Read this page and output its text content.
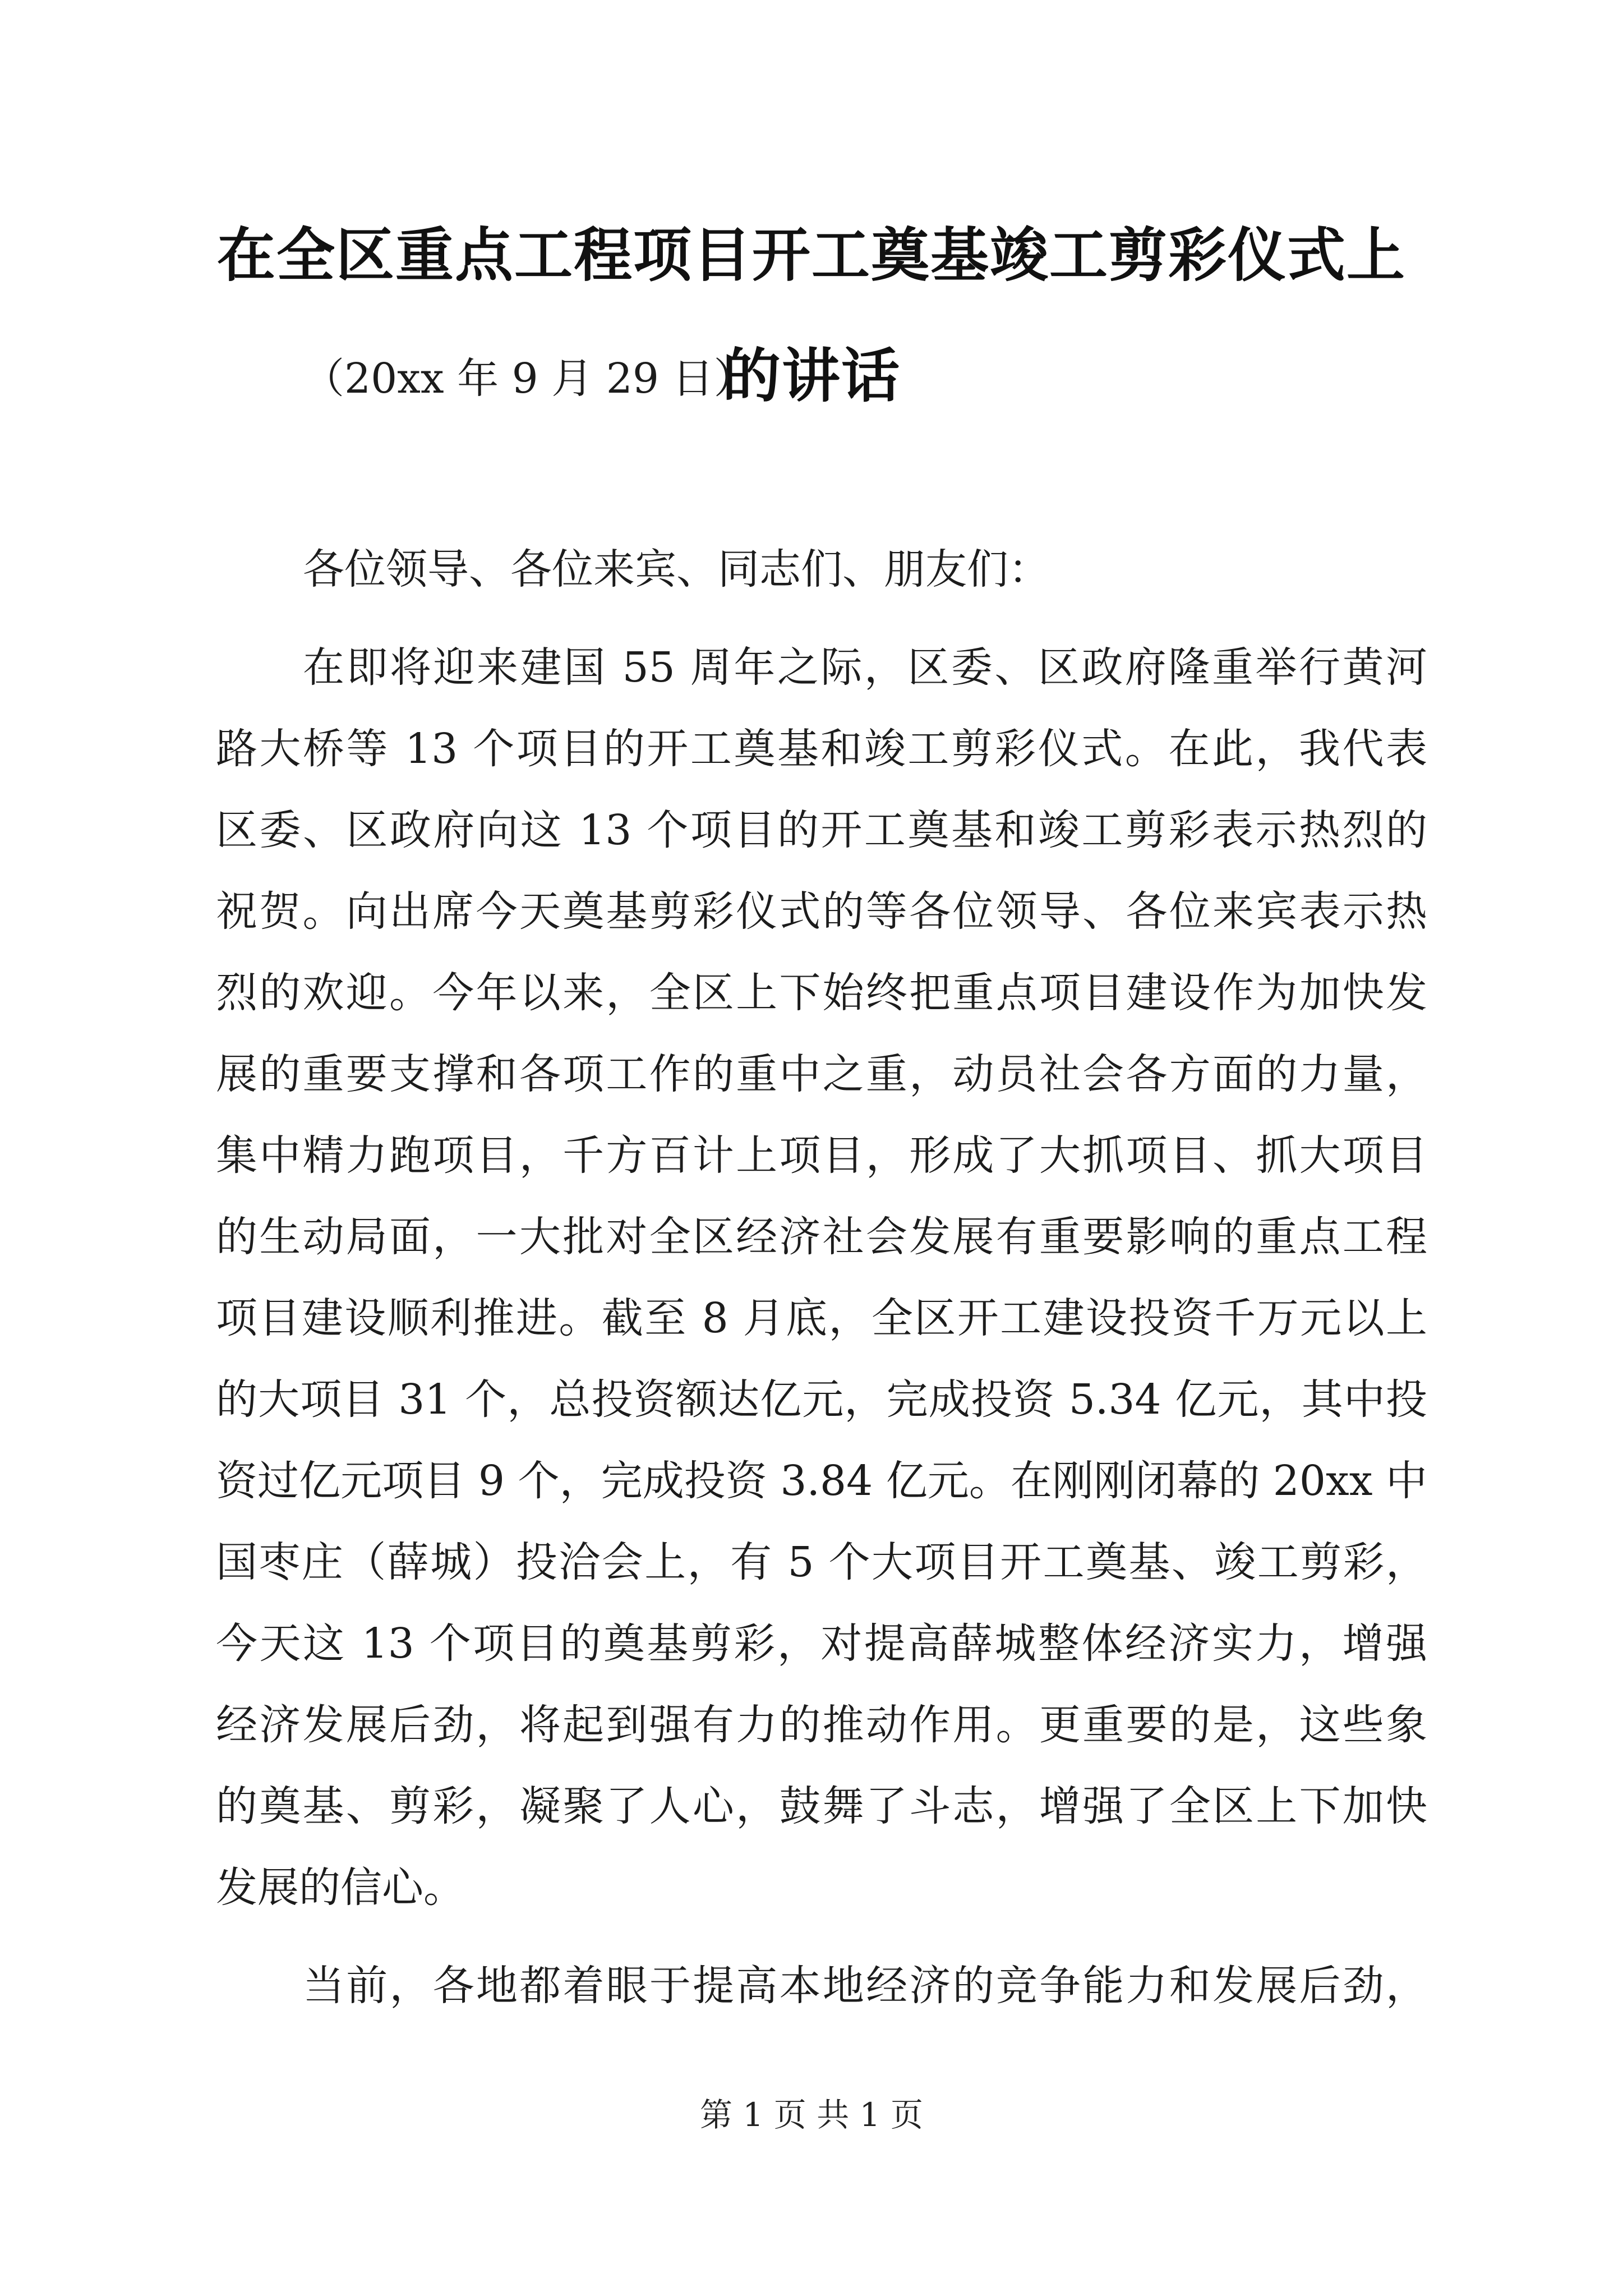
在全区重点工程项目开工奠基竣工剪彩仪式上
的讲话
（20xx 年 9 月 29 日）
各位领导、各位来宾、同志们、朋友们：
在即将迎来建国 55 周年之际，区委、区政府隆重举行黄河
路大桥等 13 个项目的开工奠基和竣工剪彩仪式。在此，我代表
区委、区政府向这 13 个项目的开工奠基和竣工剪彩表示热烈的
祝贺。向出席今天奠基剪彩仪式的等各位领导、各位来宾表示热
烈的欢迎。今年以来，全区上下始终把重点项目建设作为加快发
展的重要支撑和各项工作的重中之重，动员社会各方面的力量，
集中精力跑项目，千方百计上项目，形成了大抓项目、抓大项目
的生动局面，一大批对全区经济社会发展有重要影响的重点工程
项目建设顺利推进。截至 8 月底，全区开工建设投资千万元以上
的大项目 31 个，总投资额达亿元，完成投资 5.34 亿元，其中投
资过亿元项目 9 个，完成投资 3.84 亿元。在刚刚闭幕的 20xx 中
国枣庄（薛城）投洽会上，有 5 个大项目开工奠基、竣工剪彩，
今天这 13 个项目的奠基剪彩，对提高薛城整体经济实力，增强
经济发展后劲，将起到强有力的推动作用。更重要的是，这些象
的奠基、剪彩，凝聚了人心，鼓舞了斗志，增强了全区上下加快
发展的信心。
当前，各地都着眼于提高本地经济的竞争能力和发展后劲，
第 1 页 共 1 页
